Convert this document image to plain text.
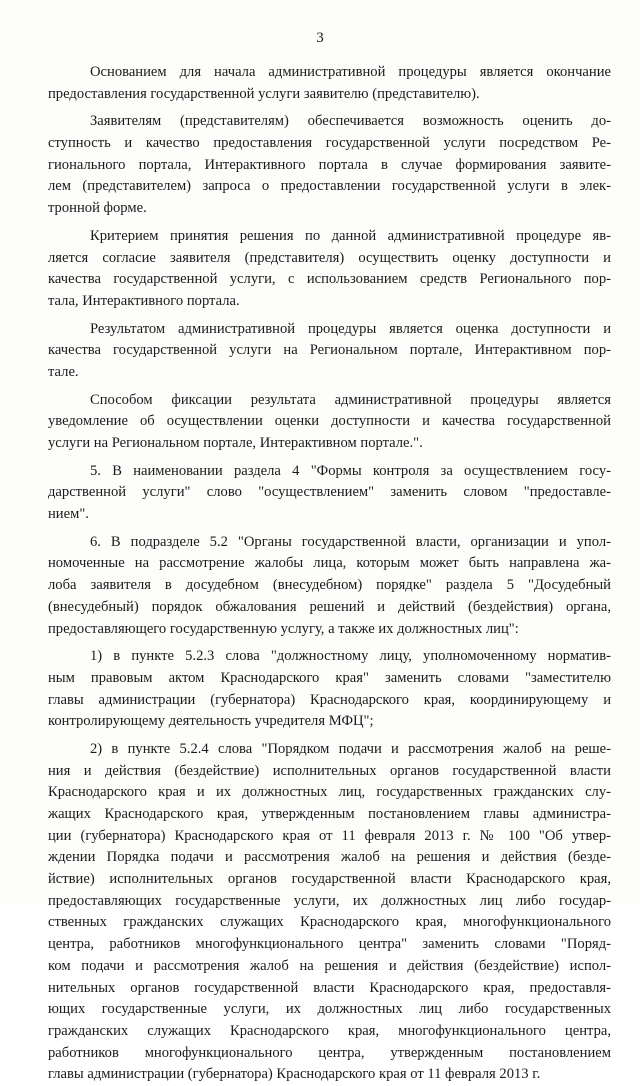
3
Основанием для начала административной процедуры является окончание
предоставления государственной услуги заявителю (представителю).
Заявителям (представителям) обеспечивается возможность оценить до-
ступность и качество предоставления государственной услуги посредством Ре-
гионального портала, Интерактивного портала в случае формирования заявите-
лем (представителем) запроса о предоставлении государственной услуги в элек-
тронной форме.
Критерием принятия решения по данной административной процедуре яв-
ляется согласие заявителя (представителя) осуществить оценку доступности и
качества государственной услуги, с использованием средств Регионального пор-
тала, Интерактивного портала.
Результатом административной процедуры является оценка доступности и
качества государственной услуги на Региональном портале, Интерактивном пор-
тале.
Способом фиксации результата административной процедуры является
уведомление об осуществлении оценки доступности и качества государственной
услуги на Региональном портале, Интерактивном портале.".
5. В наименовании раздела 4 "Формы контроля за осуществлением госу-
дарственной услуги" слово "осуществлением" заменить словом "предоставле-
нием".
6. В подразделе 5.2 "Органы государственной власти, организации и упол-
номоченные на рассмотрение жалобы лица, которым может быть направлена жа-
лоба заявителя в досудебном (внесудебном) порядке" раздела 5 "Досудебный
(внесудебный) порядок обжалования решений и действий (бездействия) органа,
предоставляющего государственную услугу, а также их должностных лиц":
1) в пункте 5.2.3 слова "должностному лицу, уполномоченному норматив-
ным правовым актом Краснодарского края" заменить словами "заместителю
главы администрации (губернатора) Краснодарского края, координирующему и
контролирующему деятельность учредителя МФЦ";
2) в пункте 5.2.4 слова "Порядком подачи и рассмотрения жалоб на реше-
ния и действия (бездействие) исполнительных органов государственной власти
Краснодарского края и их должностных лиц, государственных гражданских слу-
жащих Краснодарского края, утвержденным постановлением главы администра-
ции (губернатора) Краснодарского края от 11 февраля 2013 г. № 100 "Об утвер-
ждении Порядка подачи и рассмотрения жалоб на решения и действия (безде-
йствие) исполнительных органов государственной власти Краснодарского края,
предоставляющих государственные услуги, их должностных лиц либо государ-
ственных гражданских служащих Краснодарского края, многофункционального
центра, работников многофункционального центра" заменить словами "Поряд-
ком подачи и рассмотрения жалоб на решения и действия (бездействие) испол-
нительных органов государственной власти Краснодарского края, предоставля-
ющих государственные услуги, их должностных лиц либо государственных
гражданских служащих Краснодарского края, многофункционального центра,
работников многофункционального центра, утвержденным постановлением
главы администрации (губернатора) Краснодарского края от 11 февраля 2013 г.
